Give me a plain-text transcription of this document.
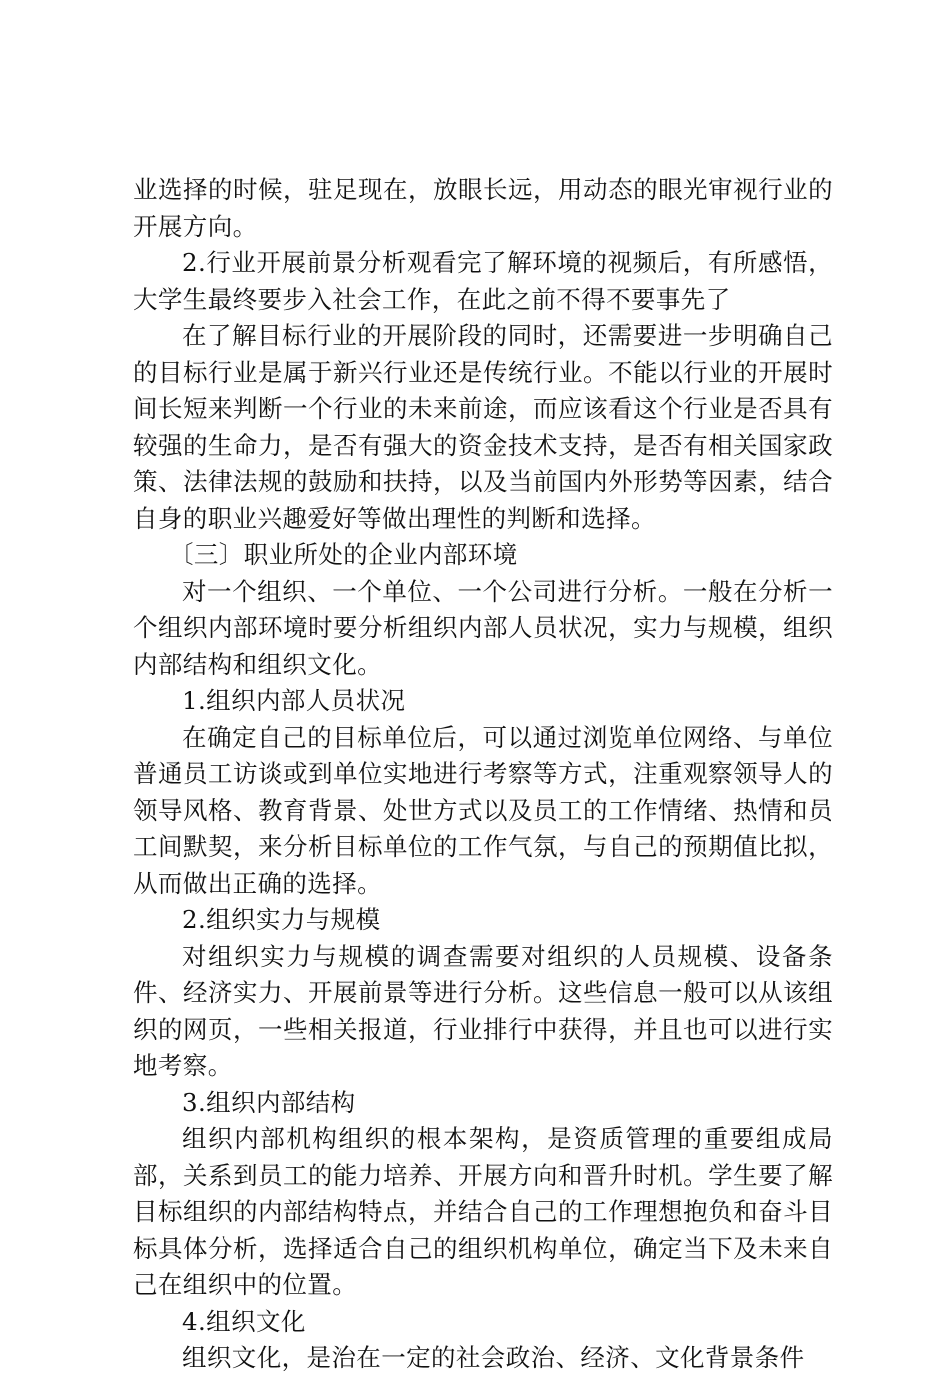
业选择的时候，驻足现在，放眼长远，用动态的眼光审视行业的开展方向。

2.行业开展前景分析观看完了解环境的视频后，有所感悟，大学生最终要步入社会工作，在此之前不得不要事先了

在了解目标行业的开展阶段的同时，还需要进一步明确自己的目标行业是属于新兴行业还是传统行业。不能以行业的开展时间长短来判断一个行业的未来前途，而应该看这个行业是否具有较强的生命力，是否有强大的资金技术支持，是否有相关国家政策、法律法规的鼓励和扶持，以及当前国内外形势等因素，结合自身的职业兴趣爱好等做出理性的判断和选择。

〔三〕职业所处的企业内部环境

对一个组织、一个单位、一个公司进行分析。一般在分析一个组织内部环境时要分析组织内部人员状况，实力与规模，组织内部结构和组织文化。

1.组织内部人员状况

在确定自己的目标单位后，可以通过浏览单位网络、与单位普通员工访谈或到单位实地进行考察等方式，注重观察领导人的领导风格、教育背景、处世方式以及员工的工作情绪、热情和员工间默契，来分析目标单位的工作气氛，与自己的预期值比拟，从而做出正确的选择。

2.组织实力与规模

对组织实力与规模的调查需要对组织的人员规模、设备条件、经济实力、开展前景等进行分析。这些信息一般可以从该组织的网页，一些相关报道，行业排行中获得，并且也可以进行实地考察。

3.组织内部结构

组织内部机构组织的根本架构，是资质管理的重要组成局部，关系到员工的能力培养、开展方向和晋升时机。学生要了解目标组织的内部结构特点，并结合自己的工作理想抱负和奋斗目标具体分析，选择适合自己的组织机构单位，确定当下及未来自己在组织中的位置。

4.组织文化

组织文化，是治在一定的社会政治、经济、文化背景条件
